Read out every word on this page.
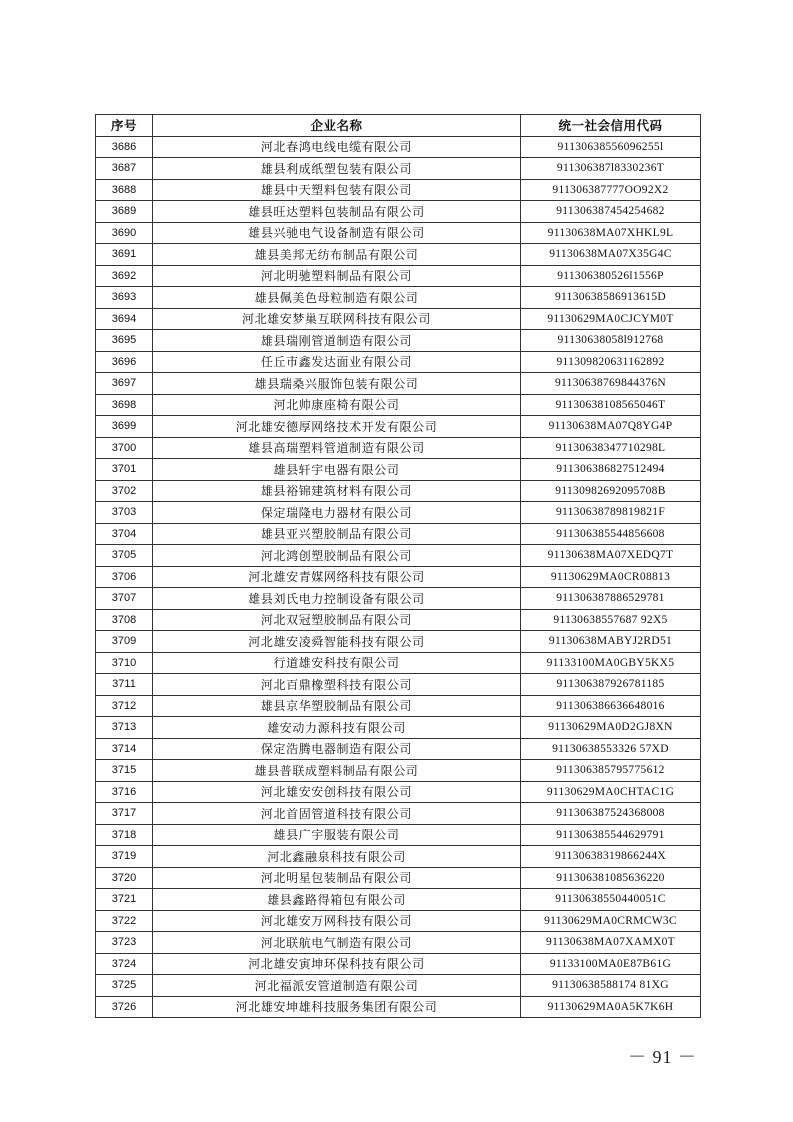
序号	企业名称	统一社会信用代码
3686	河北春鸿电线电缆有限公司	91130638556096255l
3687	雄县利成纸塑包装有限公司	911306387l8330236T
3688	雄县中天塑料包装有限公司	911306387777OO92X2
3689	雄县旺达塑料包装制品有限公司	911306387454254682
3690	雄县兴驰电气设备制造有限公司	91130638MA07XHKL9L
3691	雄县美邦无纺布制品有限公司	91130638MA07X35G4C
3692	河北明驰塑料制品有限公司	911306380526l1556P
3693	雄县佩美色母粒制造有限公司	91130638586913615D
3694	河北雄安梦巢互联网科技有限公司	91130629MA0CJCYM0T
3695	雄县瑞刚管道制造有限公司	91130638058l912768
3696	任丘市鑫发达面业有限公司	911309820631162892
3697	雄县瑞桑兴服饰包装有限公司	91130638769844376N
3698	河北帅康座椅有限公司	91130638108565046T
3699	河北雄安德厚网络技术开发有限公司	91130638MA07Q8YG4P
3700	雄县高瑞塑料管道制造有限公司	91130638347710298L
3701	雄县轩宇电器有限公司	911306386827512494
3702	雄县裕锦建筑材料有限公司	91130982692095708B
3703	保定瑞隆电力器材有限公司	91130638789819821F
3704	雄县亚兴塑胶制品有限公司	911306385544856608
3705	河北鸿创塑胶制品有限公司	91130638MA07XEDQ7T
3706	河北雄安青媒网络科技有限公司	91130629MA0CR08813
3707	雄县刘氏电力控制设备有限公司	911306387886529781
3708	河北双冠塑胶制品有限公司	91130638557687 92X5
3709	河北雄安凌舜智能科技有限公司	91130638MABYJ2RD51
3710	行道雄安科技有限公司	91133100MA0GBY5KX5
3711	河北百鼎橡塑科技有限公司	911306387926781185
3712	雄县京华塑胶制品有限公司	911306386636648016
3713	雄安动力源科技有限公司	91130629MA0D2GJ8XN
3714	保定浩腾电器制造有限公司	91130638553326 57XD
3715	雄县普联成塑料制品有限公司	911306385795775612
3716	河北雄安安创科技有限公司	91130629MA0CHTAC1G
3717	河北首固管道科技有限公司	911306387524368008
3718	雄县广宇服装有限公司	911306385544629791
3719	河北鑫融泉科技有限公司	91130638319866244X
3720	河北明星包装制品有限公司	911306381085636220
3721	雄县鑫路得箱包有限公司	91130638550440051C
3722	河北雄安万网科技有限公司	91130629MA0CRMCW3C
3723	河北联航电气制造有限公司	91130638MA07XAMX0T
3724	河北雄安寅坤环保科技有限公司	91133100MA0E87B61G
3725	河北福派安管道制造有限公司	91130638588174 81XG
3726	河北雄安坤雄科技服务集团有限公司	91130629MA0A5K7K6H
－ 91 －
